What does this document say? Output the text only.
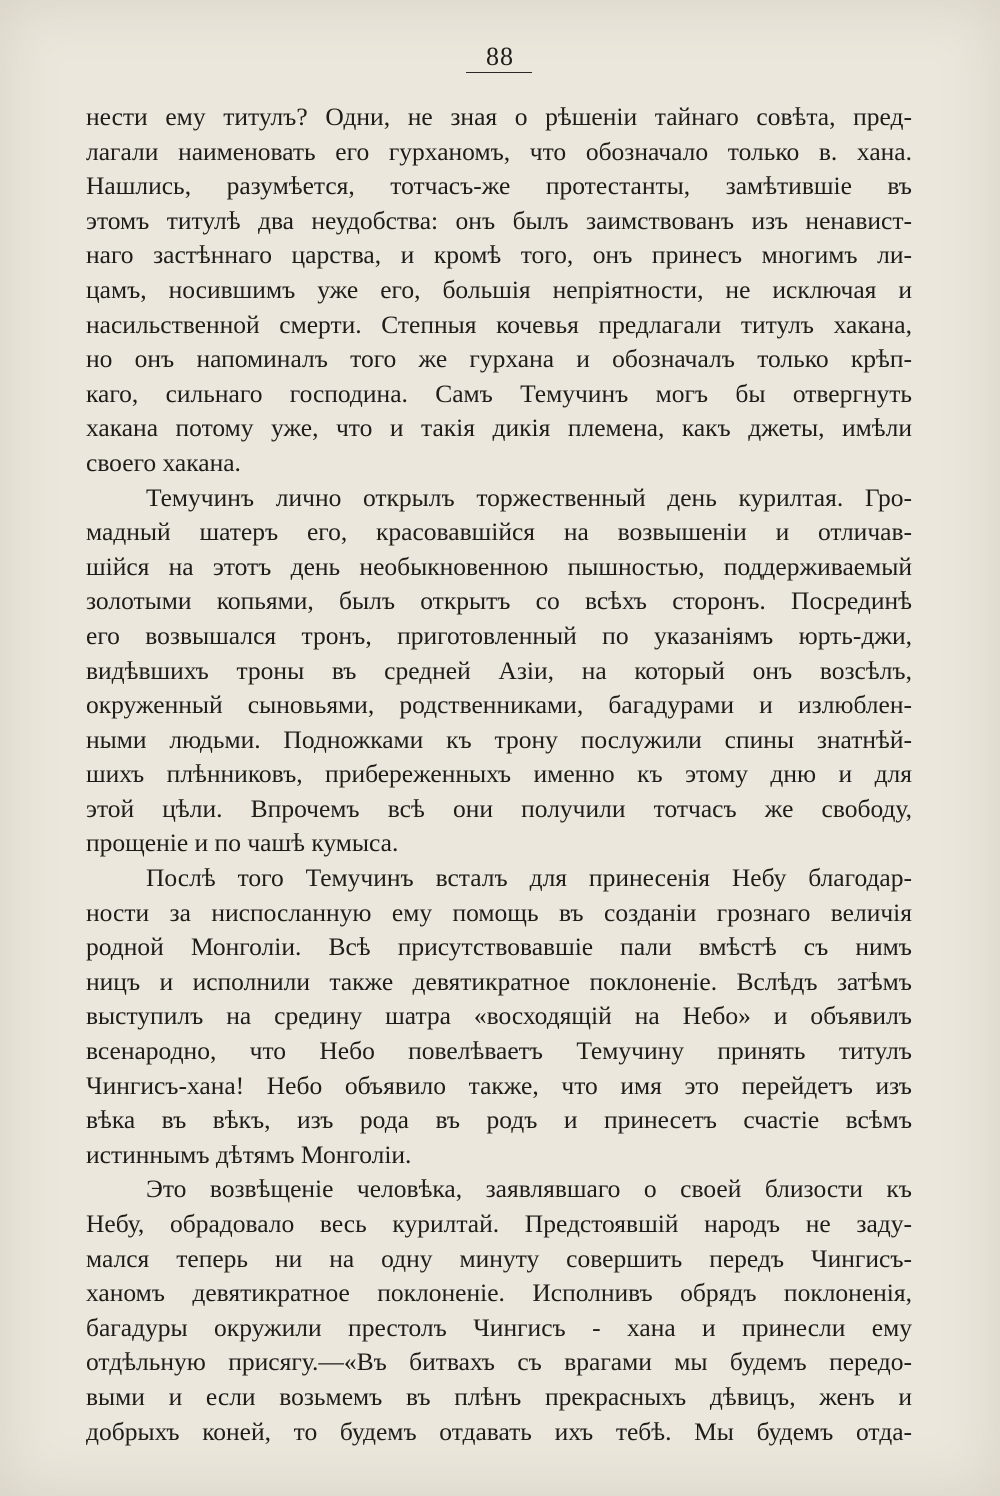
88
нести ему титулъ? Одни, не зная о рѣшеніи тайнаго совѣта, пред-
лагали наименовать его гурханомъ, что обозначало только в. хана.
Нашлись, разумѣется, тотчасъ-же протестанты, замѣтившіе въ
этомъ титулѣ два неудобства: онъ былъ заимствованъ изъ ненавист-
наго застѣннаго царства, и кромѣ того, онъ принесъ многимъ ли-
цамъ, носившимъ уже его, большія непріятности, не исключая и
насильственной смерти. Степныя кочевья предлагали титулъ хакана,
но онъ напоминалъ того же гурхана и обозначалъ только крѣп-
каго, сильнаго господина. Самъ Темучинъ могъ бы отвергнуть
хакана потому уже, что и такія дикія племена, какъ джеты, имѣли
своего хакана.
Темучинъ лично открылъ торжественный день курилтая. Гро-
мадный шатеръ его, красовавшійся на возвышеніи и отличав-
шійся на этотъ день необыкновенною пышностью, поддерживаемый
золотыми копьями, былъ открытъ со всѣхъ сторонъ. Посрединѣ
его возвышался тронъ, приготовленный по указаніямъ юрть-джи,
видѣвшихъ троны въ средней Азіи, на который онъ возсѣлъ,
окруженный сыновьями, родственниками, багадурами и излюблен-
ными людьми. Подножками къ трону послужили спины знатнѣй-
шихъ плѣнниковъ, прибереженныхъ именно къ этому дню и для
этой цѣли. Впрочемъ всѣ они получили тотчасъ же свободу,
прощеніе и по чашѣ кумыса.
Послѣ того Темучинъ всталъ для принесенія Небу благодар-
ности за ниспосланную ему помощь въ созданіи грознаго величія
родной Монголіи. Всѣ присутствовавшіе пали вмѣстѣ съ нимъ
ницъ и исполнили также девятикратное поклоненіе. Вслѣдъ затѣмъ
выступилъ на средину шатра «восходящій на Небо» и объявилъ
всенародно, что Небо повелѣваетъ Темучину принять титулъ
Чингисъ-хана! Небо объявило также, что имя это перейдетъ изъ
вѣка въ вѣкъ, изъ рода въ родъ и принесетъ счастіе всѣмъ
истиннымъ дѣтямъ Монголіи.
Это возвѣщеніе человѣка, заявлявшаго о своей близости къ
Небу, обрадовало весь курилтай. Предстоявшій народъ не заду-
мался теперь ни на одну минуту совершить передъ Чингисъ-
ханомъ девятикратное поклоненіе. Исполнивъ обрядъ поклоненія,
багадуры окружили престолъ Чингисъ - хана и принесли ему
отдѣльную присягу.—«Въ битвахъ съ врагами мы будемъ передо-
выми и если возьмемъ въ плѣнъ прекрасныхъ дѣвицъ, женъ и
добрыхъ коней, то будемъ отдавать ихъ тебѣ. Мы будемъ отда-
